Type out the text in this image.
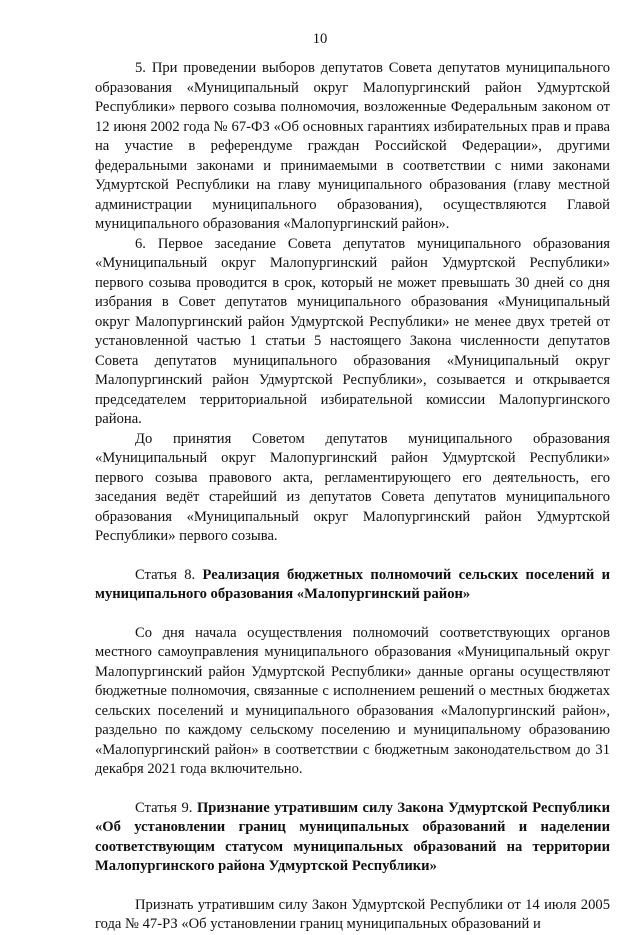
10

5. При проведении выборов депутатов Совета депутатов муниципального образования «Муниципальный округ Малопургинский район Удмуртской Республики» первого созыва полномочия, возложенные Федеральным законом от 12 июня 2002 года № 67-ФЗ «Об основных гарантиях избирательных прав и права на участие в референдуме граждан Российской Федерации», другими федеральными законами и принимаемыми в соответствии с ними законами Удмуртской Республики на главу муниципального образования (главу местной администрации муниципального образования), осуществляются Главой муниципального образования «Малопургинский район».

6. Первое заседание Совета депутатов муниципального образования «Муниципальный округ Малопургинский район Удмуртской Республики» первого созыва проводится в срок, который не может превышать 30 дней со дня избрания в Совет депутатов муниципального образования «Муниципальный округ Малопургинский район Удмуртской Республики» не менее двух третей от установленной частью 1 статьи 5 настоящего Закона численности депутатов Совета депутатов муниципального образования «Муниципальный округ Малопургинский район Удмуртской Республики», созывается и открывается председателем территориальной избирательной комиссии Малопургинского района.

До принятия Советом депутатов муниципального образования «Муниципальный округ Малопургинский район Удмуртской Республики» первого созыва правового акта, регламентирующего его деятельность, его заседания ведёт старейший из депутатов Совета депутатов муниципального образования «Муниципальный округ Малопургинский район Удмуртской Республики» первого созыва.

Статья 8. Реализация бюджетных полномочий сельских поселений и муниципального образования «Малопургинский район»

Со дня начала осуществления полномочий соответствующих органов местного самоуправления муниципального образования «Муниципальный округ Малопургинский район Удмуртской Республики» данные органы осуществляют бюджетные полномочия, связанные с исполнением решений о местных бюджетах сельских поселений и муниципального образования «Малопургинский район», раздельно по каждому сельскому поселению и муниципальному образованию «Малопургинский район» в соответствии с бюджетным законодательством до 31 декабря 2021 года включительно.

Статья 9. Признание утратившим силу Закона Удмуртской Республики «Об установлении границ муниципальных образований и наделении соответствующим статусом муниципальных образований на территории Малопургинского района Удмуртской Республики»

Признать утратившим силу Закон Удмуртской Республики от 14 июля 2005 года № 47-РЗ «Об установлении границ муниципальных образований и
